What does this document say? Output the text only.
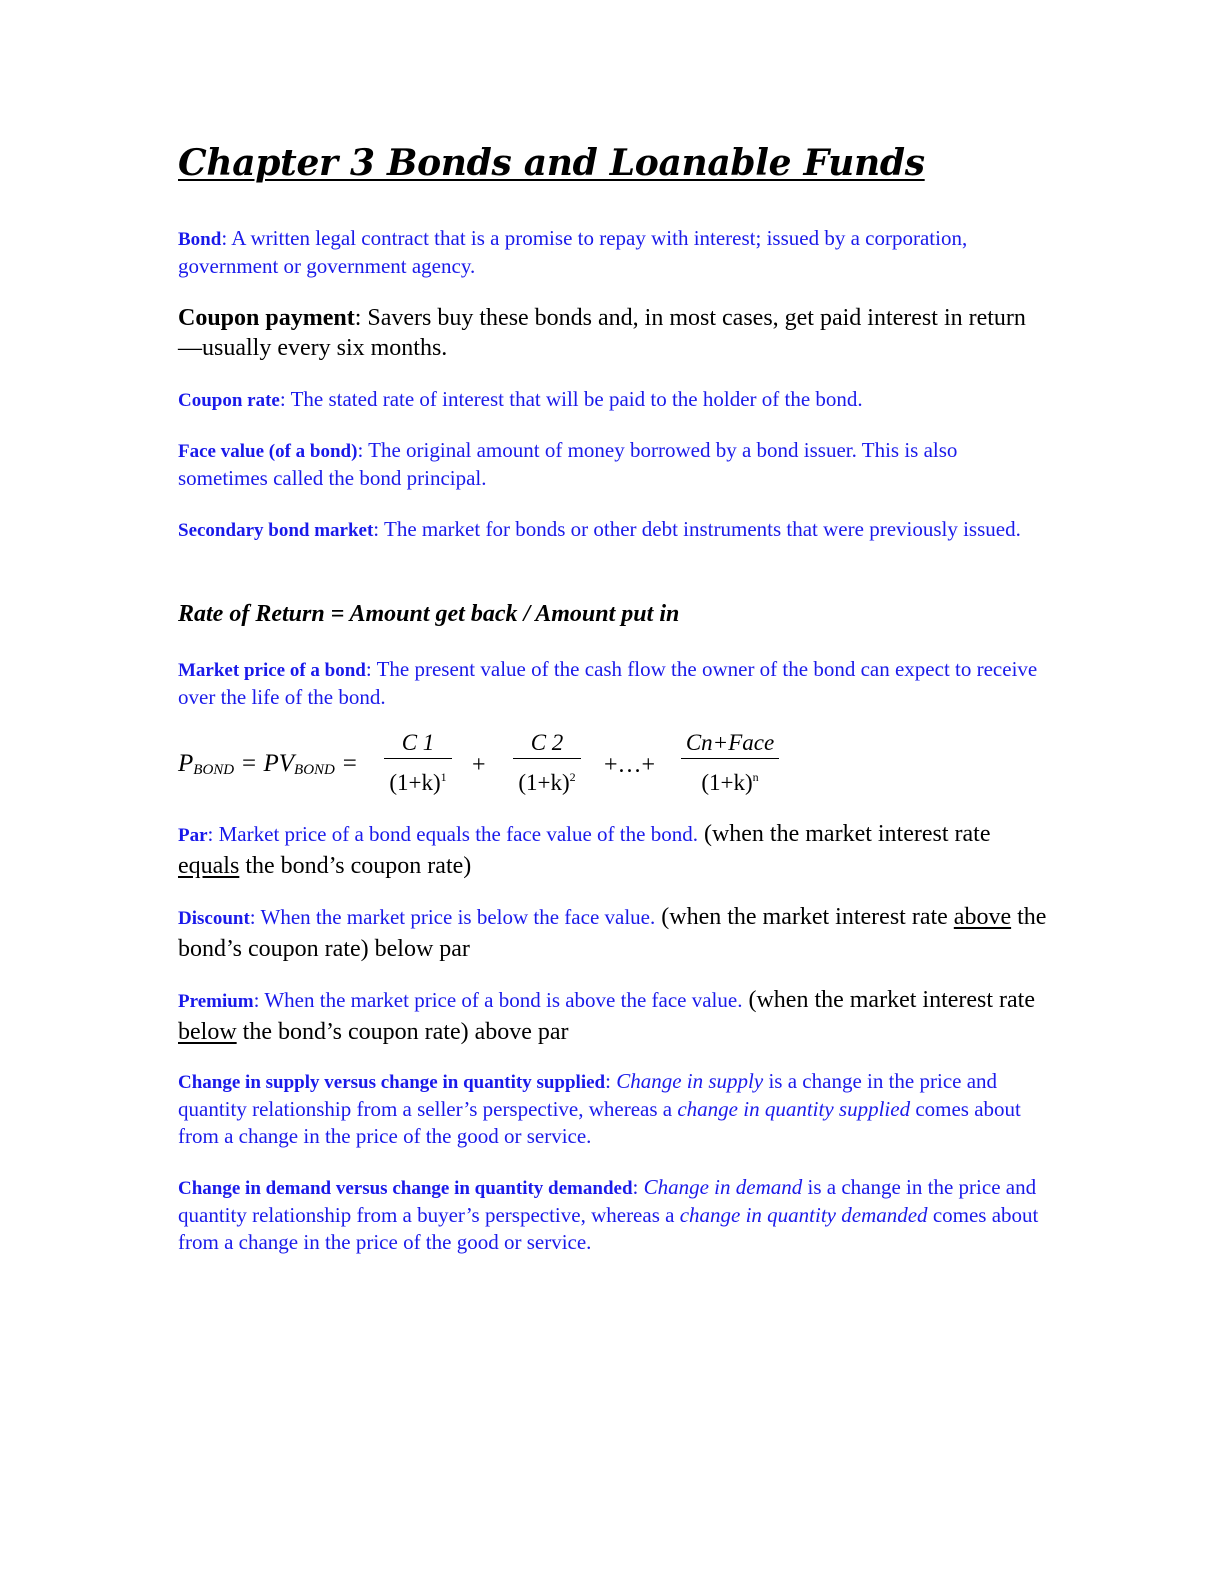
Chapter 3 Bonds and Loanable Funds

Bond: A written legal contract that is a promise to repay with interest; issued by a corporation, government or government agency.

Coupon payment: Savers buy these bonds and, in most cases, get paid interest in return —usually every six months.

Coupon rate: The stated rate of interest that will be paid to the holder of the bond.

Face value (of a bond): The original amount of money borrowed by a bond issuer. This is also sometimes called the bond principal.

Secondary bond market: The market for bonds or other debt instruments that were previously issued.

Rate of Return = Amount get back / Amount put in

Market price of a bond: The present value of the cash flow the owner of the bond can expect to receive over the life of the bond.

$P_{BOND} = PV_{BOND}$ =
C 1
$(1+k)^1$	+
C 2
$(1+k)^2$	+…+
Cn+Face
$(1+k)^n$

Par: Market price of a bond equals the face value of the bond. (when the market interest rate equals the bond’s coupon rate)

Discount: When the market price is below the face value. (when the market interest rate above the bond’s coupon rate) below par

Premium: When the market price of a bond is above the face value. (when the market interest rate below the bond’s coupon rate) above par

Change in supply versus change in quantity supplied: Change in supply is a change in the price and quantity relationship from a seller’s perspective, whereas a change in quantity supplied comes about from a change in the price of the good or service.

Change in demand versus change in quantity demanded: Change in demand is a change in the price and quantity relationship from a buyer’s perspective, whereas a change in quantity demanded comes about from a change in the price of the good or service.
